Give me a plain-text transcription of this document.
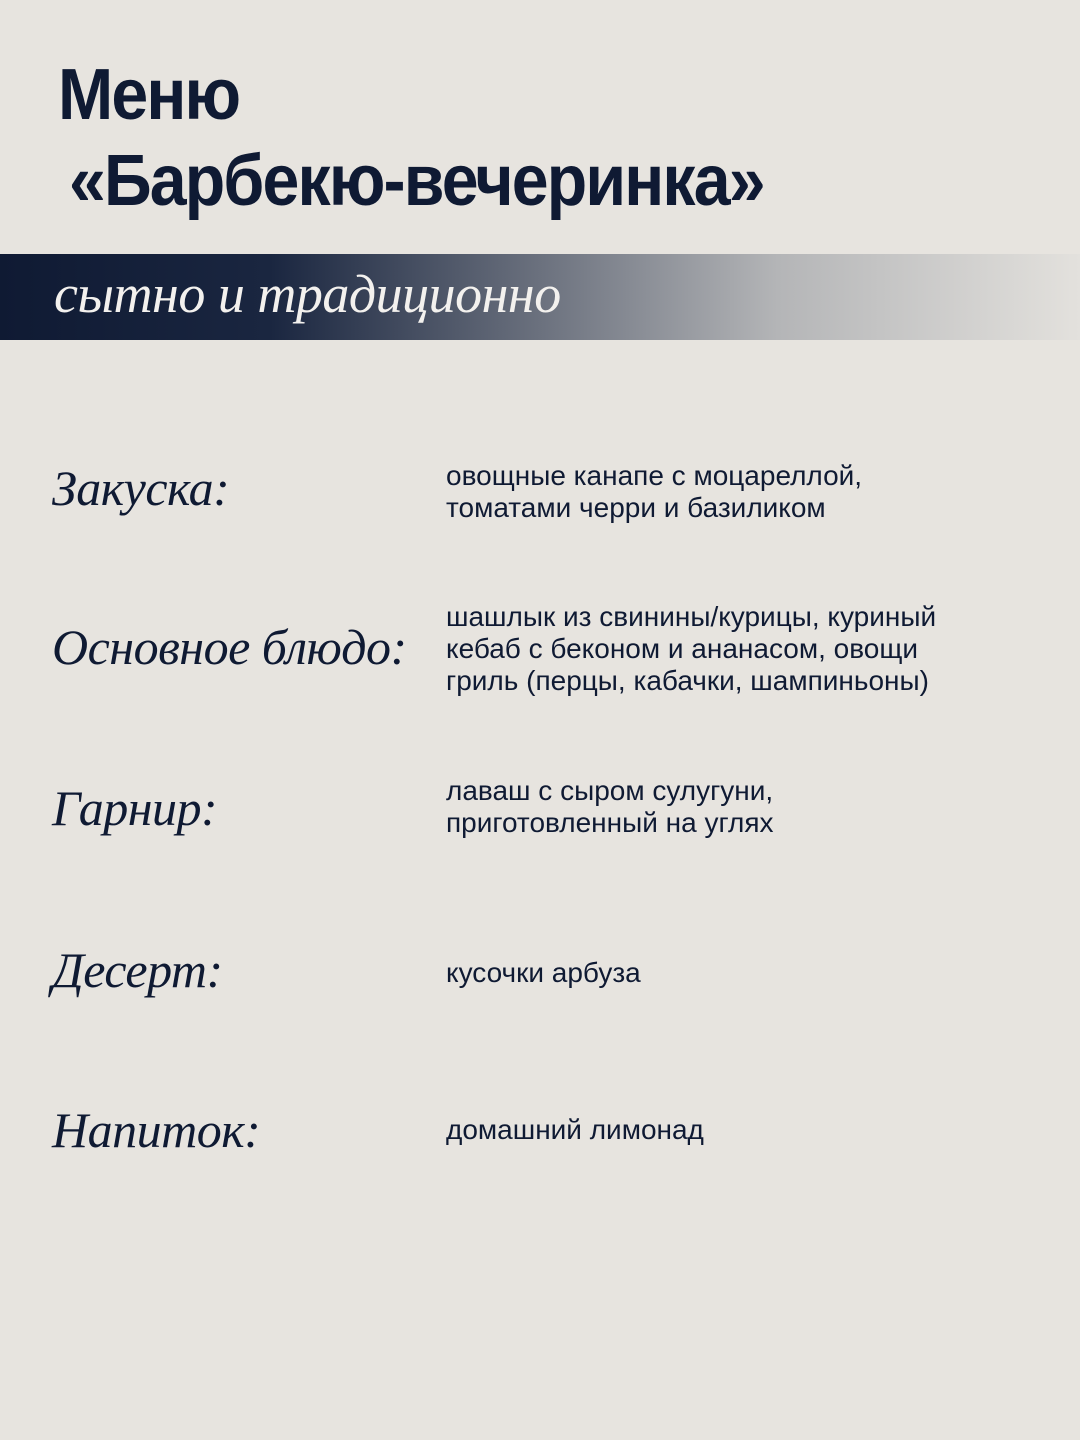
Меню
«Барбекю-вечеринка»
сытно и традиционно
Закуска:	овощные канапе с моцареллой,
томатами черри и базиликом
Основное блюдо:
шашлык из свинины/курицы, куриный
кебаб с беконом и ананасом, овощи
гриль (перцы, кабачки, шампиньоны)
Гарнир:	лаваш с сыром сулугуни,
приготовленный на углях
Десерт:	кусочки арбуза
Напиток:	домашний лимонад
